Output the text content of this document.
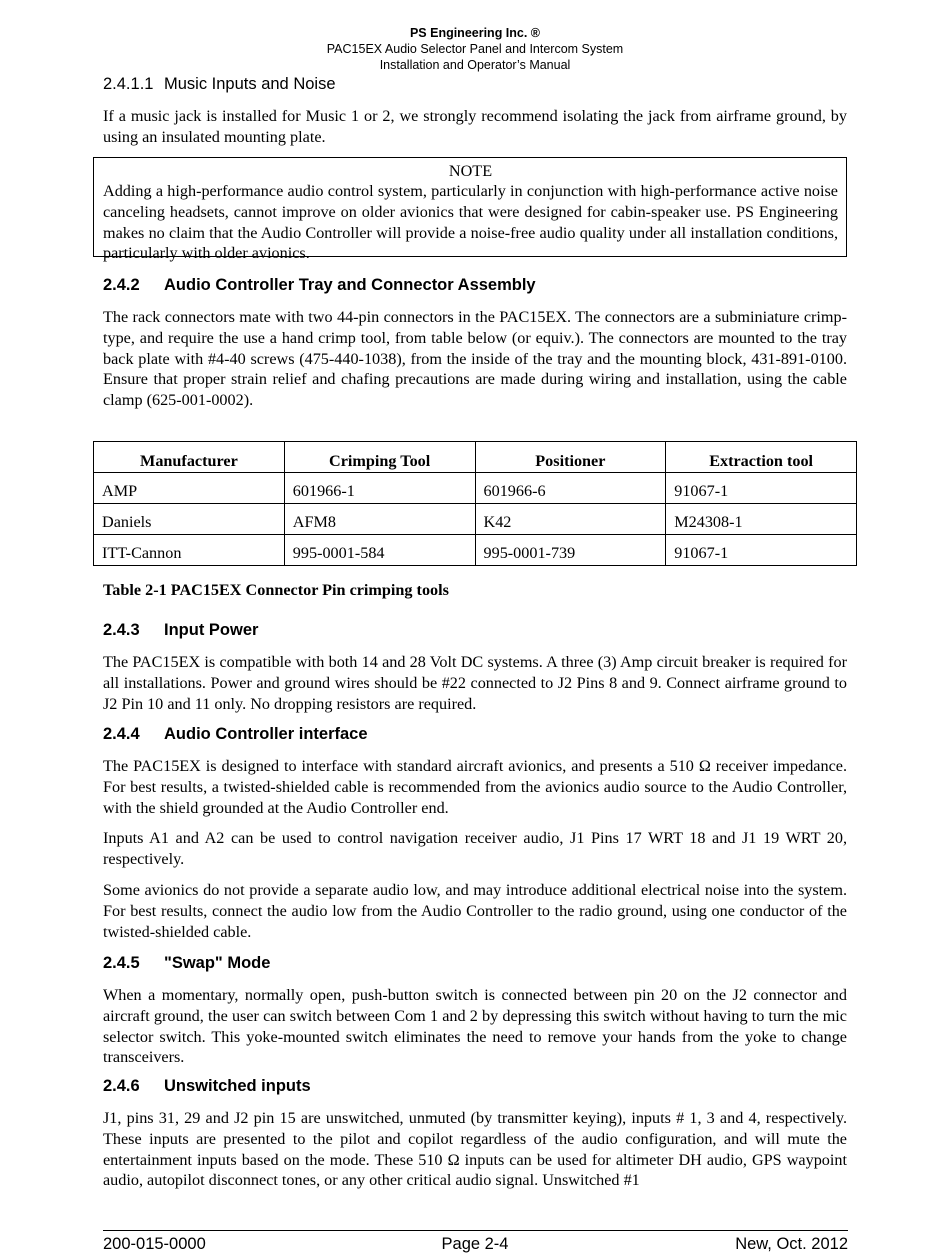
PS Engineering Inc. ®
PAC15EX Audio Selector Panel and Intercom System
Installation and Operator’s Manual
2.4.1.1 Music Inputs and Noise
If a music jack is installed for Music 1 or 2, we strongly recommend isolating the jack from airframe ground, by using an insulated mounting plate.
NOTE
Adding a high-performance audio control system, particularly in conjunction with high-performance active noise canceling headsets, cannot improve on older avionics that were designed for cabin-speaker use. PS Engineering makes no claim that the Audio Controller will provide a noise-free audio quality under all installation conditions, particularly with older avionics.
2.4.2 Audio Controller Tray and Connector Assembly
The rack connectors mate with two 44-pin connectors in the PAC15EX. The connectors are a subminiature crimp-type, and require the use a hand crimp tool, from table below (or equiv.). The connectors are mounted to the tray back plate with #4-40 screws (475-440-1038), from the inside of the tray and the mounting block, 431-891-0100. Ensure that proper strain relief and chafing precautions are made during wiring and installation, using the cable clamp (625-001-0002).
Manufacturer	Crimping Tool	Positioner	Extraction tool
AMP	601966-1	601966-6	91067-1
Daniels	AFM8	K42	M24308-1
ITT-Cannon	995-0001-584	995-0001-739	91067-1
Table 2-1 PAC15EX Connector Pin crimping tools
2.4.3 Input Power
The PAC15EX is compatible with both 14 and 28 Volt DC systems. A three (3) Amp circuit breaker is required for all installations. Power and ground wires should be #22 connected to J2 Pins 8 and 9. Connect airframe ground to J2 Pin 10 and 11 only. No dropping resistors are required.
2.4.4 Audio Controller interface
The PAC15EX is designed to interface with standard aircraft avionics, and presents a 510 Ω receiver impedance. For best results, a twisted-shielded cable is recommended from the avionics audio source to the Audio Controller, with the shield grounded at the Audio Controller end.
Inputs A1 and A2 can be used to control navigation receiver audio, J1 Pins 17 WRT 18 and J1 19 WRT 20, respectively.
Some avionics do not provide a separate audio low, and may introduce additional electrical noise into the system. For best results, connect the audio low from the Audio Controller to the radio ground, using one conductor of the twisted-shielded cable.
2.4.5 "Swap" Mode
When a momentary, normally open, push-button switch is connected between pin 20 on the J2 connector and aircraft ground, the user can switch between Com 1 and 2 by depressing this switch without having to turn the mic selector switch. This yoke-mounted switch eliminates the need to remove your hands from the yoke to change transceivers.
2.4.6 Unswitched inputs
J1, pins 31, 29 and J2 pin 15 are unswitched, unmuted (by transmitter keying), inputs # 1, 3 and 4, respectively. These inputs are presented to the pilot and copilot regardless of the audio configuration, and will mute the entertainment inputs based on the mode. These 510 Ω inputs can be used for altimeter DH audio, GPS waypoint audio, autopilot disconnect tones, or any other critical audio signal. Unswitched #1
200-015-0000	Page 2-4	New, Oct. 2012
